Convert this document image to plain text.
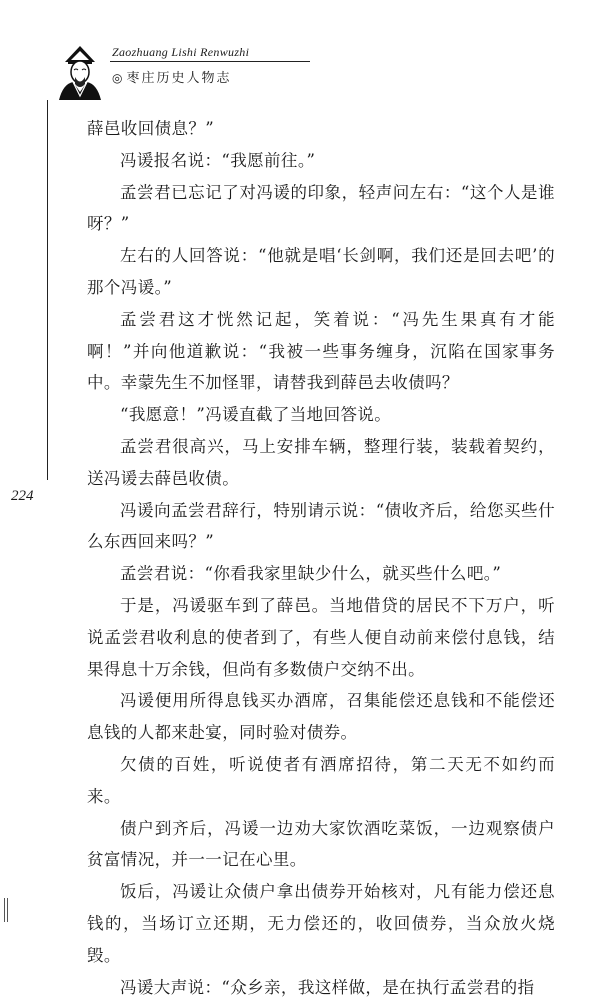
Zaozhuang Lishi Renwuzhi
◎ 枣庄历史人物志
224

薛邑收回债息？”

冯谖报名说：“我愿前往。”

孟尝君已忘记了对冯谖的印象，轻声问左右：“这个人是谁呀？”

左右的人回答说：“他就是唱‘长剑啊，我们还是回去吧’的那个冯谖。”

孟尝君这才恍然记起，笑着说：“冯先生果真有才能啊！”并向他道歉说：“我被一些事务缠身，沉陷在国家事务中。幸蒙先生不加怪罪，请替我到薛邑去收债吗？

“我愿意！”冯谖直截了当地回答说。

孟尝君很高兴，马上安排车辆，整理行装，装载着契约，送冯谖去薛邑收债。

冯谖向孟尝君辞行，特别请示说：“债收齐后，给您买些什么东西回来吗？”

孟尝君说：“你看我家里缺少什么，就买些什么吧。”

于是，冯谖驱车到了薛邑。当地借贷的居民不下万户，听说孟尝君收利息的使者到了，有些人便自动前来偿付息钱，结果得息十万余钱，但尚有多数债户交纳不出。

冯谖便用所得息钱买办酒席，召集能偿还息钱和不能偿还息钱的人都来赴宴，同时验对债券。

欠债的百姓，听说使者有酒席招待，第二天无不如约而来。

债户到齐后，冯谖一边劝大家饮酒吃菜饭，一边观察债户贫富情况，并一一记在心里。

饭后，冯谖让众债户拿出债券开始核对，凡有能力偿还息钱的，当场订立还期，无力偿还的，收回债券，当众放火烧毁。

冯谖大声说：“众乡亲，我这样做，是在执行孟尝君的指
